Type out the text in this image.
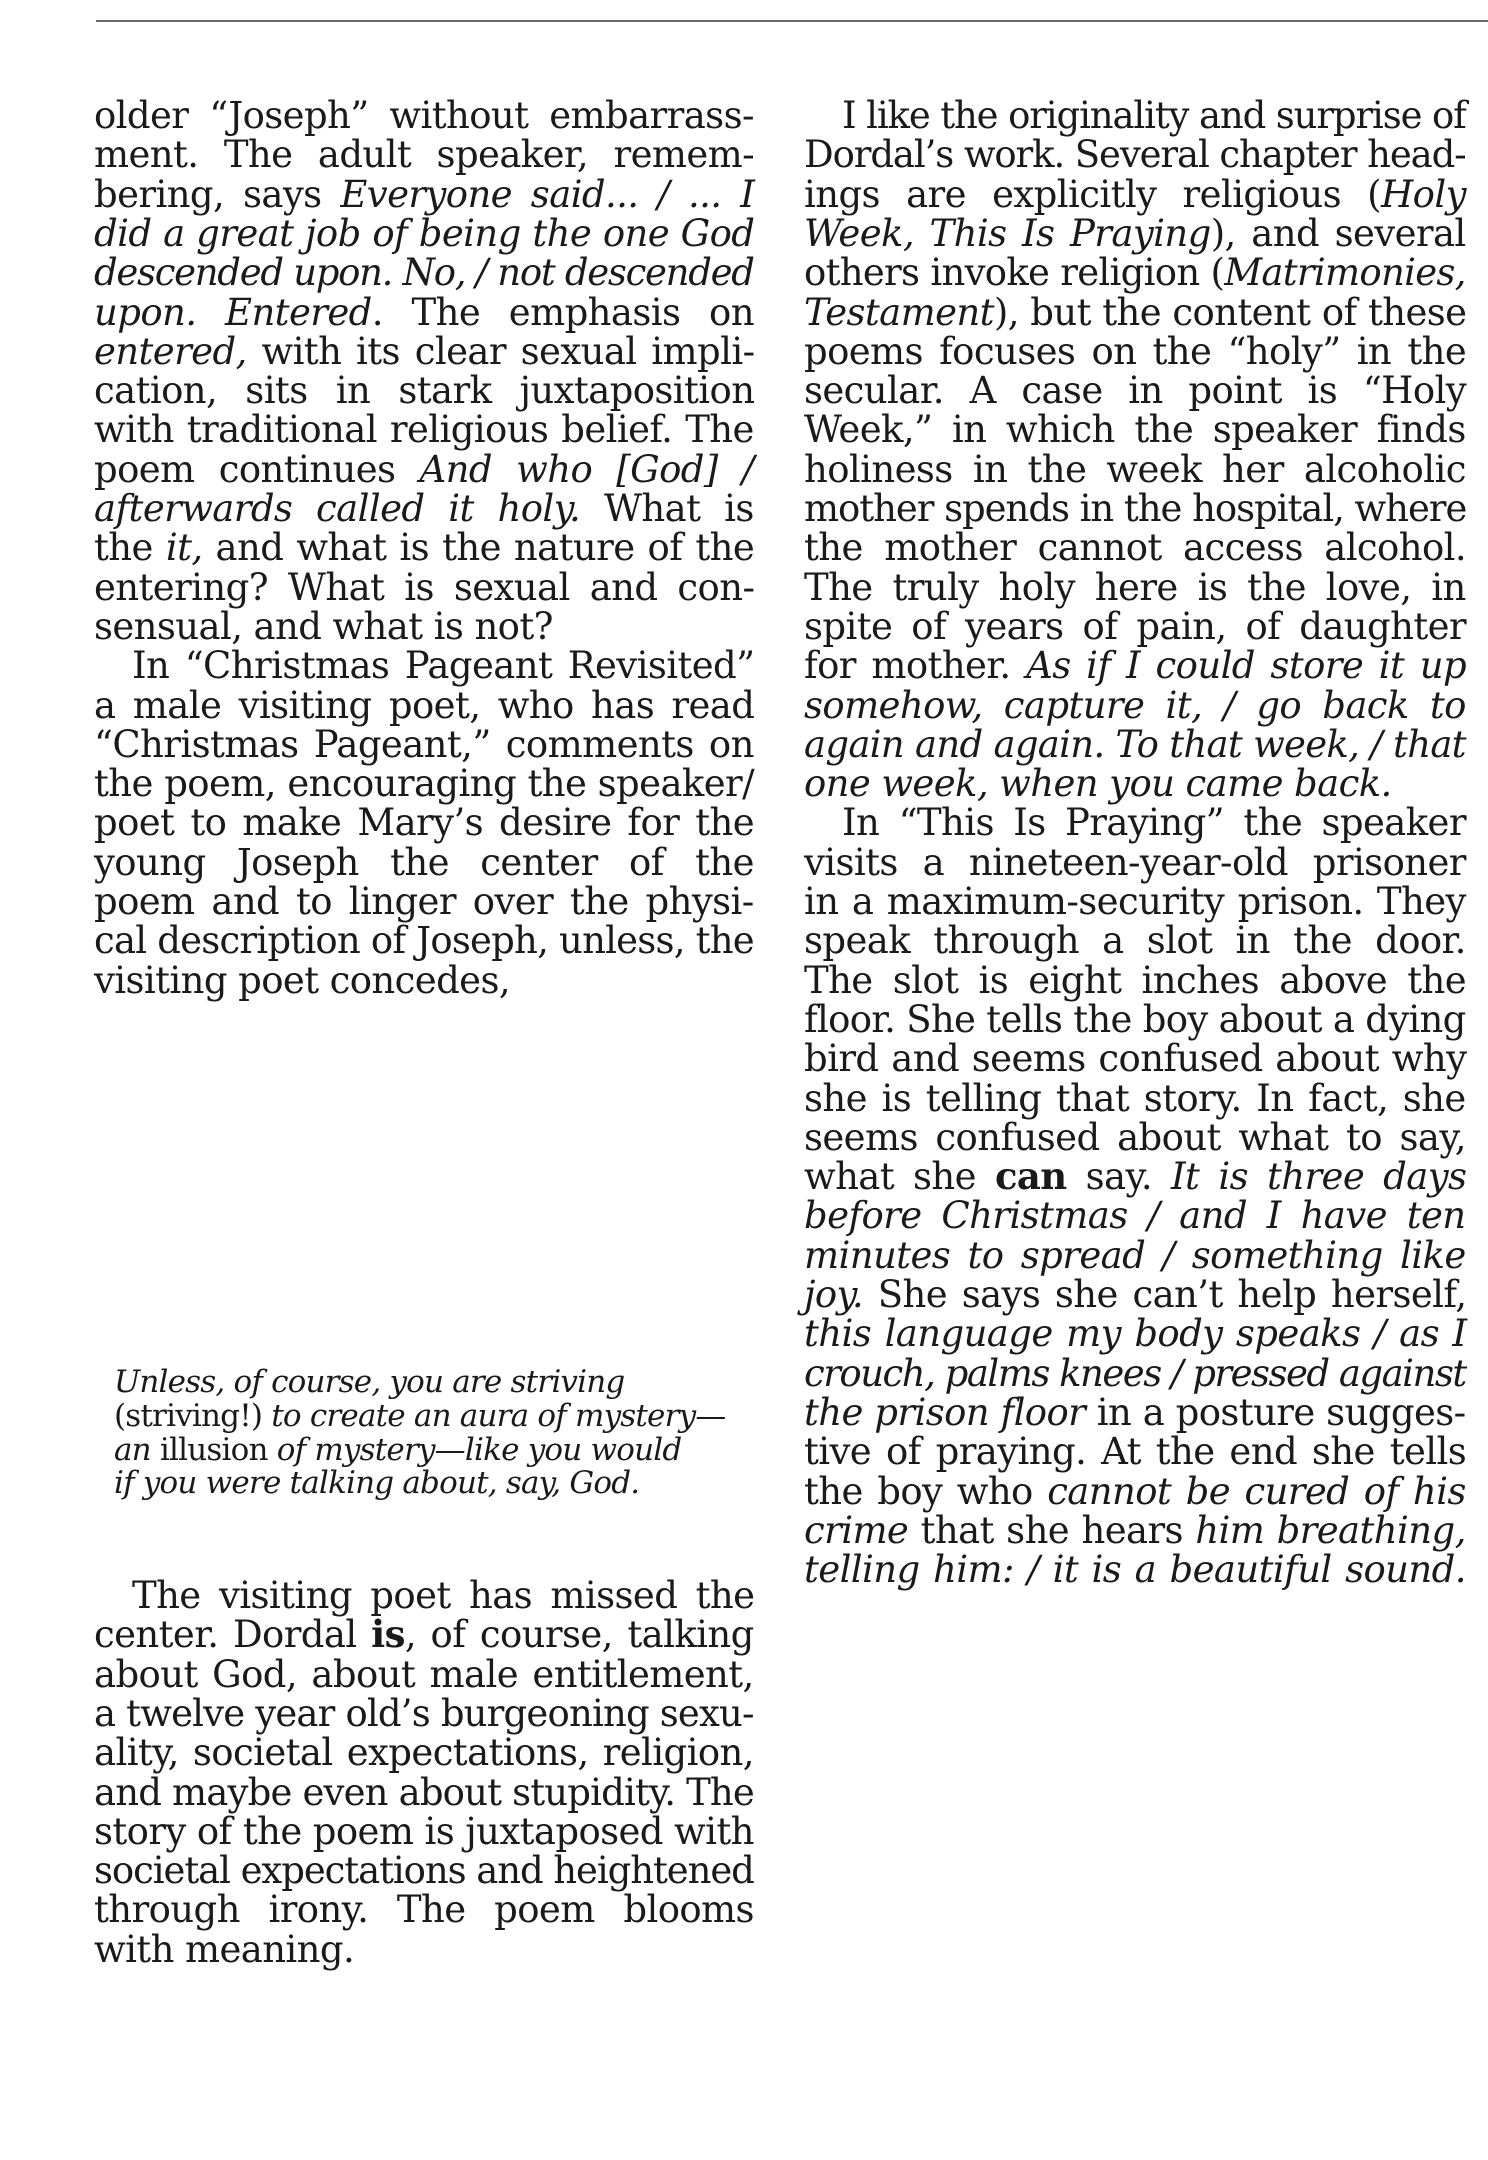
older “Joseph” without embarrass-
ment. The adult speaker, remem-
bering, says Everyone said... / ... I
did a great job of being the one God
descended upon. No, / not descended
upon. Entered. The emphasis on
entered, with its clear sexual impli-
cation, sits in stark juxtaposition
with traditional religious belief. The
poem continues And who [God] /
afterwards called it holy. What is
the it, and what is the nature of the
entering? What is sexual and con-
sensual, and what is not?
In “Christmas Pageant Revisited”
a male visiting poet, who has read
“Christmas Pageant,” comments on
the poem, encouraging the speaker/
poet to make Mary’s desire for the
young Joseph the center of the
poem and to linger over the physi-
cal description of Joseph, unless, the
visiting poet concedes,
Unless, of course, you are striving
(striving!) to create an aura of mystery—
an illusion of mystery—like you would
if you were talking about, say, God.
The visiting poet has missed the
center. Dordal is, of course, talking
about God, about male entitlement,
a twelve year old’s burgeoning sexu-
ality, societal expectations, religion,
and maybe even about stupidity. The
story of the poem is juxtaposed with
societal expectations and heightened
through irony. The poem blooms
with meaning.
I like the originality and surprise of
Dordal’s work. Several chapter head-
ings are explicitly religious (Holy
Week, This Is Praying), and several
others invoke religion (Matrimonies,
Testament), but the content of these
poems focuses on the “holy” in the
secular. A case in point is “Holy
Week,” in which the speaker finds
holiness in the week her alcoholic
mother spends in the hospital, where
the mother cannot access alcohol.
The truly holy here is the love, in
spite of years of pain, of daughter
for mother. As if I could store it up
somehow, capture it, / go back to
again and again. To that week, / that
one week, when you came back.
In “This Is Praying” the speaker
visits a nineteen-year-old prisoner
in a maximum-security prison. They
speak through a slot in the door.
The slot is eight inches above the
floor. She tells the boy about a dying
bird and seems confused about why
she is telling that story. In fact, she
seems confused about what to say,
what she can say. It is three days
before Christmas / and I have ten
minutes to spread / something like
joy. She says she can’t help herself,
this language my body speaks / as I
crouch, palms knees / pressed against
the prison floor in a posture sugges-
tive of praying. At the end she tells
the boy who cannot be cured of his
crime that she hears him breathing,
telling him: / it is a beautiful sound.
